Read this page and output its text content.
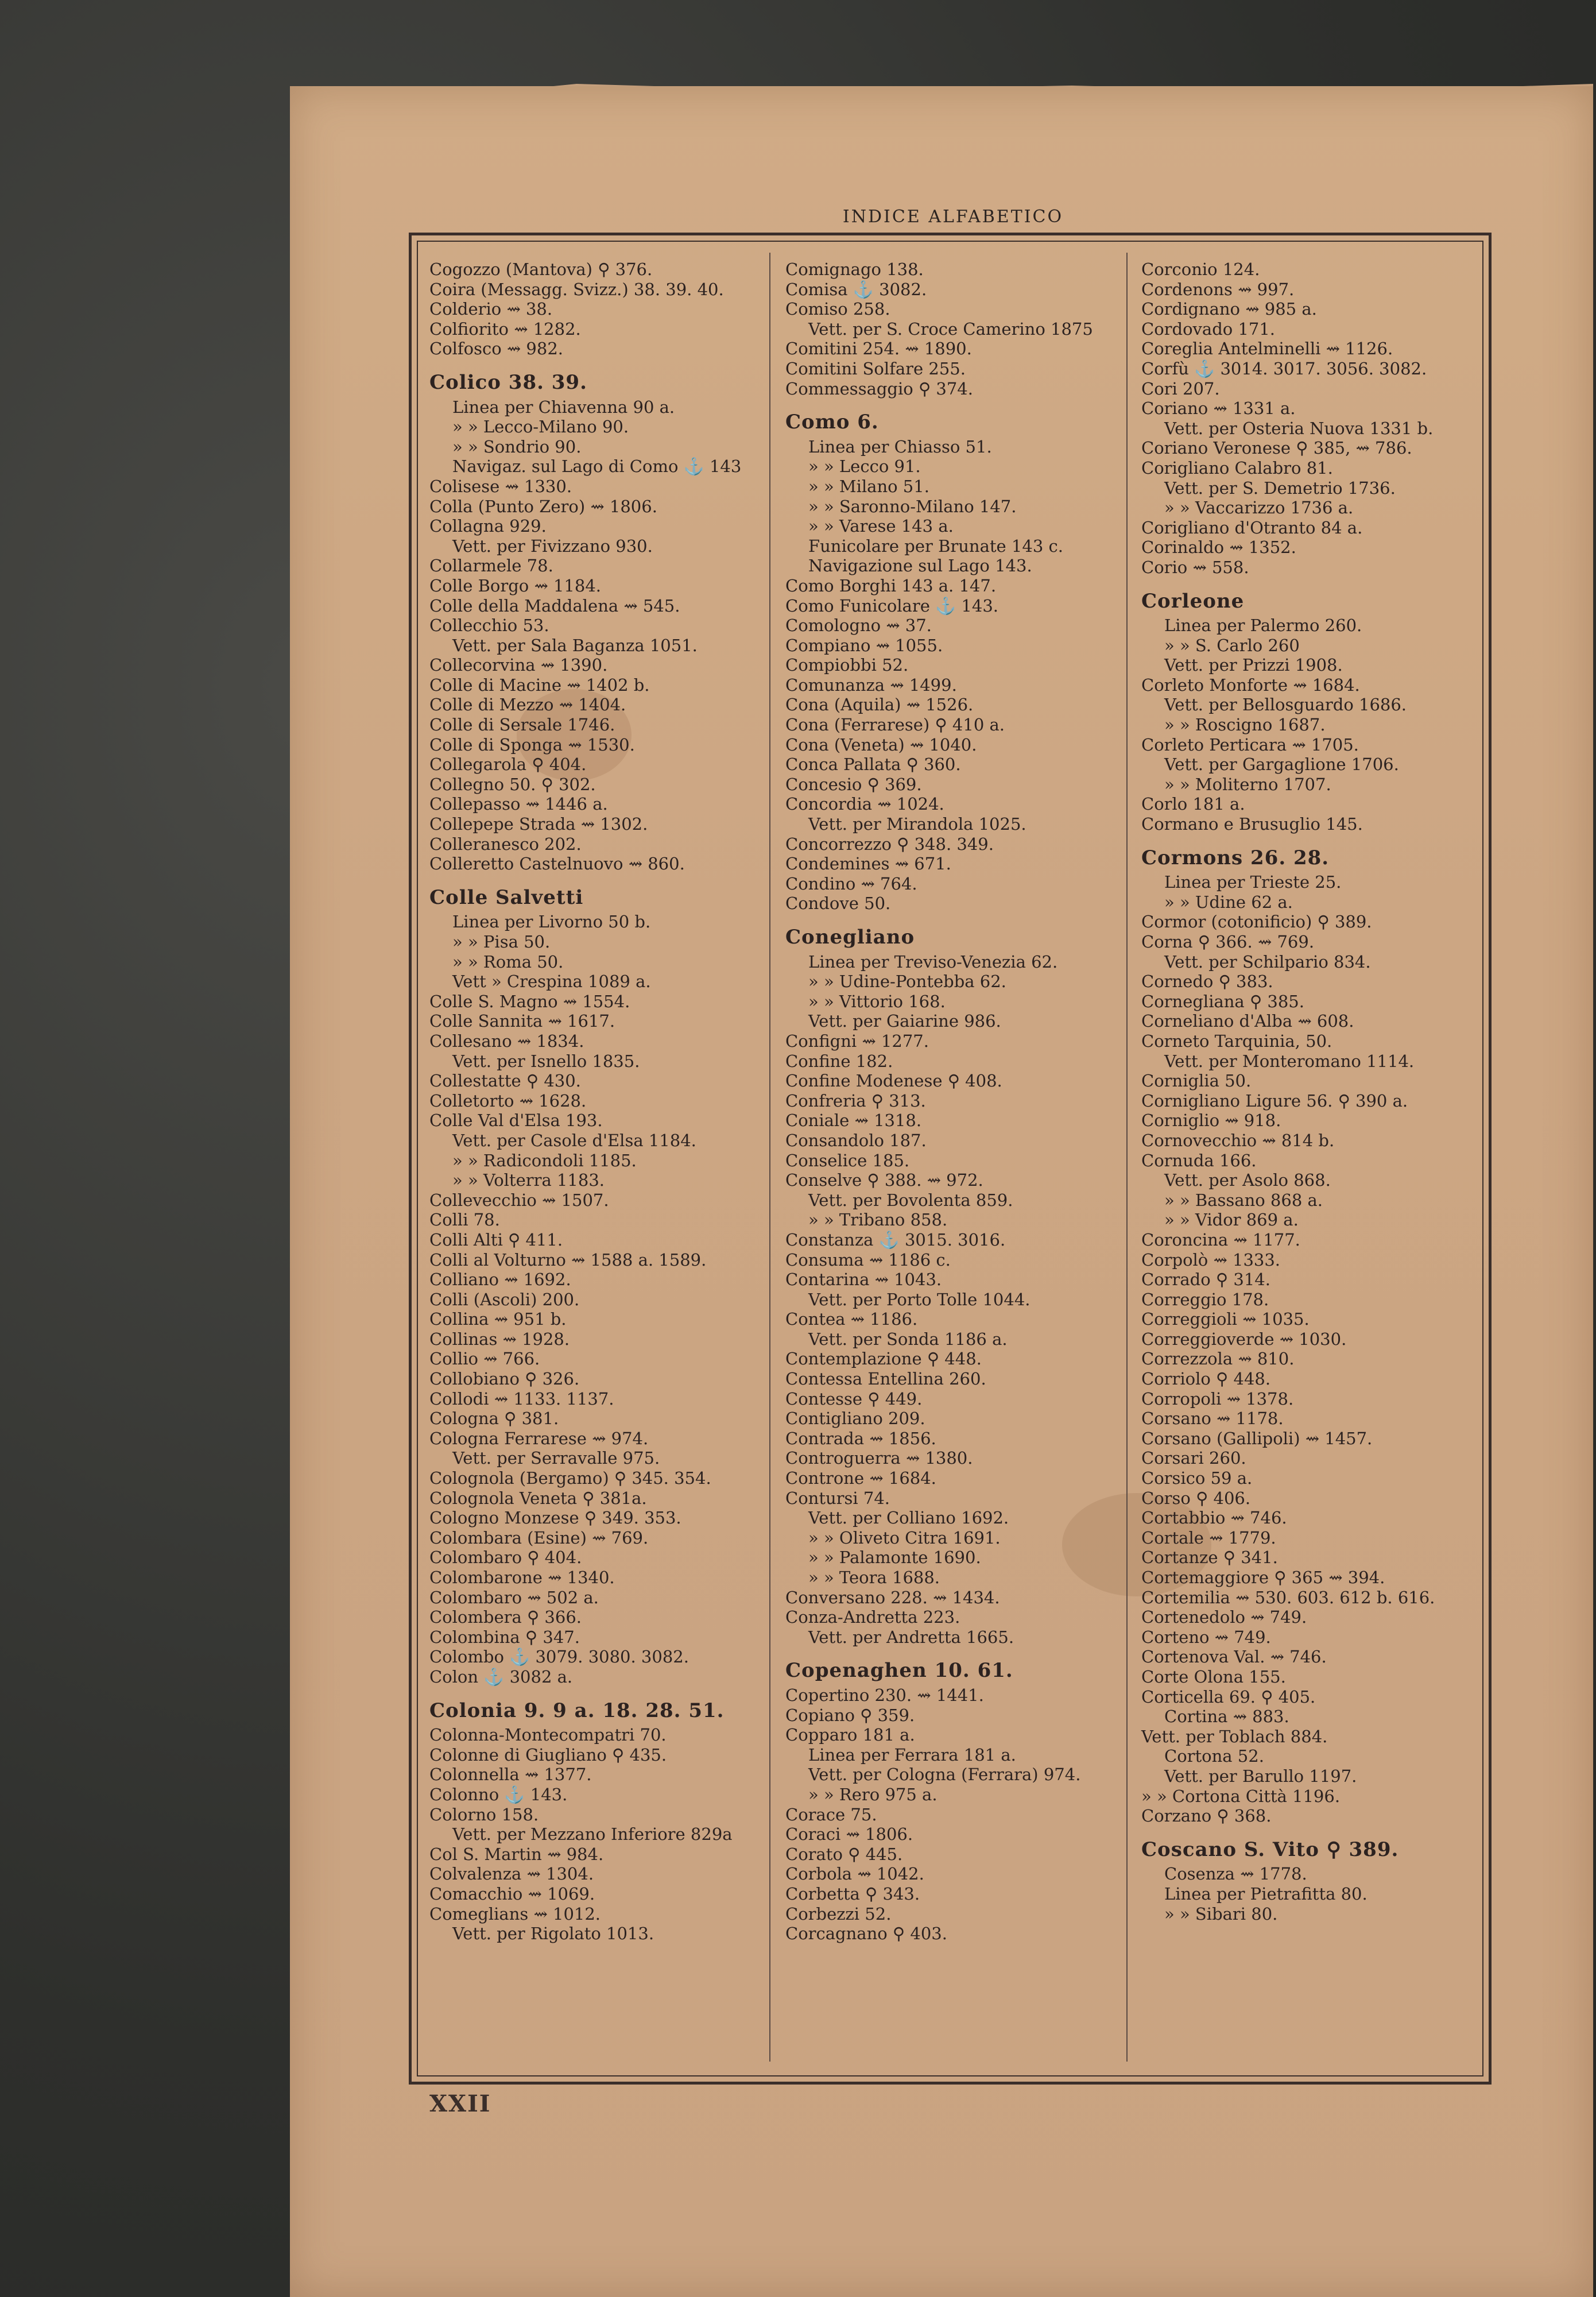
INDICE ALFABETICO
Cogozzo (Mantova) ⚲ 376.
Coira (Messagg. Svizz.) 38. 39. 40.
Colderio ⇝ 38.
Colfiorito ⇝ 1282.
Colfosco ⇝ 982.
Colico 38. 39.
Linea per Chiavenna 90 a.
» » Lecco-Milano 90.
» » Sondrio 90.
Navigaz. sul Lago di Como ⚓ 143
Colisese ⇝ 1330.
Colla (Punto Zero) ⇝ 1806.
Collagna 929.
Vett. per Fivizzano 930.
Collarmele 78.
Colle Borgo ⇝ 1184.
Colle della Maddalena ⇝ 545.
Collecchio 53.
Vett. per Sala Baganza 1051.
Collecorvina ⇝ 1390.
Colle di Macine ⇝ 1402 b.
Colle di Mezzo ⇝ 1404.
Colle di Sersale 1746.
Colle di Sponga ⇝ 1530.
Collegarola ⚲ 404.
Collegno 50. ⚲ 302.
Collepasso ⇝ 1446 a.
Collepepe Strada ⇝ 1302.
Colleranesco 202.
Colleretto Castelnuovo ⇝ 860.
Colle Salvetti
Linea per Livorno 50 b.
» » Pisa 50.
» » Roma 50.
Vett » Crespina 1089 a.
Colle S. Magno ⇝ 1554.
Colle Sannita ⇝ 1617.
Collesano ⇝ 1834.
Vett. per Isnello 1835.
Collestatte ⚲ 430.
Colletorto ⇝ 1628.
Colle Val d'Elsa 193.
Vett. per Casole d'Elsa 1184.
» » Radicondoli 1185.
» » Volterra 1183.
Collevecchio ⇝ 1507.
Colli 78.
Colli Alti ⚲ 411.
Colli al Volturno ⇝ 1588 a. 1589.
Colliano ⇝ 1692.
Colli (Ascoli) 200.
Collina ⇝ 951 b.
Collinas ⇝ 1928.
Collio ⇝ 766.
Collobiano ⚲ 326.
Collodi ⇝ 1133. 1137.
Cologna ⚲ 381.
Cologna Ferrarese ⇝ 974.
Vett. per Serravalle 975.
Colognola (Bergamo) ⚲ 345. 354.
Colognola Veneta ⚲ 381a.
Cologno Monzese ⚲ 349. 353.
Colombara (Esine) ⇝ 769.
Colombaro ⚲ 404.
Colombarone ⇝ 1340.
Colombaro ⇝ 502 a.
Colombera ⚲ 366.
Colombina ⚲ 347.
Colombo ⚓ 3079. 3080. 3082.
Colon ⚓ 3082 a.
Colonia 9. 9 a. 18. 28. 51.
Colonna-Montecompatri 70.
Colonne di Giugliano ⚲ 435.
Colonnella ⇝ 1377.
Colonno ⚓ 143.
Colorno 158.
Vett. per Mezzano Inferiore 829a
Col S. Martin ⇝ 984.
Colvalenza ⇝ 1304.
Comacchio ⇝ 1069.
Comeglians ⇝ 1012.
Vett. per Rigolato 1013.
Comignago 138.
Comisa ⚓ 3082.
Comiso 258.
Vett. per S. Croce Camerino 1875
Comitini 254. ⇝ 1890.
Comitini Solfare 255.
Commessaggio ⚲ 374.
Como 6.
Linea per Chiasso 51.
» » Lecco 91.
» » Milano 51.
» » Saronno-Milano 147.
» » Varese 143 a.
Funicolare per Brunate 143 c.
Navigazione sul Lago 143.
Como Borghi 143 a. 147.
Como Funicolare ⚓ 143.
Comologno ⇝ 37.
Compiano ⇝ 1055.
Compiobbi 52.
Comunanza ⇝ 1499.
Cona (Aquila) ⇝ 1526.
Cona (Ferrarese) ⚲ 410 a.
Cona (Veneta) ⇝ 1040.
Conca Pallata ⚲ 360.
Concesio ⚲ 369.
Concordia ⇝ 1024.
Vett. per Mirandola 1025.
Concorrezzo ⚲ 348. 349.
Condemines ⇝ 671.
Condino ⇝ 764.
Condove 50.
Conegliano
Linea per Treviso-Venezia 62.
» » Udine-Pontebba 62.
» » Vittorio 168.
Vett. per Gaiarine 986.
Configni ⇝ 1277.
Confine 182.
Confine Modenese ⚲ 408.
Confreria ⚲ 313.
Coniale ⇝ 1318.
Consandolo 187.
Conselice 185.
Conselve ⚲ 388. ⇝ 972.
Vett. per Bovolenta 859.
» » Tribano 858.
Constanza ⚓ 3015. 3016.
Consuma ⇝ 1186 c.
Contarina ⇝ 1043.
Vett. per Porto Tolle 1044.
Contea ⇝ 1186.
Vett. per Sonda 1186 a.
Contemplazione ⚲ 448.
Contessa Entellina 260.
Contesse ⚲ 449.
Contigliano 209.
Contrada ⇝ 1856.
Controguerra ⇝ 1380.
Controne ⇝ 1684.
Contursi 74.
Vett. per Colliano 1692.
» » Oliveto Citra 1691.
» » Palamonte 1690.
» » Teora 1688.
Conversano 228. ⇝ 1434.
Conza-Andretta 223.
Vett. per Andretta 1665.
Copenaghen 10. 61.
Copertino 230. ⇝ 1441.
Copiano ⚲ 359.
Copparo 181 a.
Linea per Ferrara 181 a.
Vett. per Cologna (Ferrara) 974.
» » Rero 975 a.
Corace 75.
Coraci ⇝ 1806.
Corato ⚲ 445.
Corbola ⇝ 1042.
Corbetta ⚲ 343.
Corbezzi 52.
Corcagnano ⚲ 403.
Corconio 124.
Cordenons ⇝ 997.
Cordignano ⇝ 985 a.
Cordovado 171.
Coreglia Antelminelli ⇝ 1126.
Corfù ⚓ 3014. 3017. 3056. 3082.
Cori 207.
Coriano ⇝ 1331 a.
Vett. per Osteria Nuova 1331 b.
Coriano Veronese ⚲ 385, ⇝ 786.
Corigliano Calabro 81.
Vett. per S. Demetrio 1736.
» » Vaccarizzo 1736 a.
Corigliano d'Otranto 84 a.
Corinaldo ⇝ 1352.
Corio ⇝ 558.
Corleone
Linea per Palermo 260.
» » S. Carlo 260
Vett. per Prizzi 1908.
Corleto Monforte ⇝ 1684.
Vett. per Bellosguardo 1686.
» » Roscigno 1687.
Corleto Perticara ⇝ 1705.
Vett. per Gargaglione 1706.
» » Moliterno 1707.
Corlo 181 a.
Cormano e Brusuglio 145.
Cormons 26. 28.
Linea per Trieste 25.
» » Udine 62 a.
Cormor (cotonificio) ⚲ 389.
Corna ⚲ 366. ⇝ 769.
Vett. per Schilpario 834.
Cornedo ⚲ 383.
Cornegliana ⚲ 385.
Corneliano d'Alba ⇝ 608.
Corneto Tarquinia, 50.
Vett. per Monteromano 1114.
Corniglia 50.
Cornigliano Ligure 56. ⚲ 390 a.
Corniglio ⇝ 918.
Cornovecchio ⇝ 814 b.
Cornuda 166.
Vett. per Asolo 868.
» » Bassano 868 a.
» » Vidor 869 a.
Coroncina ⇝ 1177.
Corpolò ⇝ 1333.
Corrado ⚲ 314.
Correggio 178.
Correggioli ⇝ 1035.
Correggioverde ⇝ 1030.
Correzzola ⇝ 810.
Corriolo ⚲ 448.
Corropoli ⇝ 1378.
Corsano ⇝ 1178.
Corsano (Gallipoli) ⇝ 1457.
Corsari 260.
Corsico 59 a.
Corso ⚲ 406.
Cortabbio ⇝ 746.
Cortale ⇝ 1779.
Cortanze ⚲ 341.
Cortemaggiore ⚲ 365 ⇝ 394.
Cortemilia ⇝ 530. 603. 612 b. 616.
Cortenedolo ⇝ 749.
Corteno ⇝ 749.
Cortenova Val. ⇝ 746.
Corte Olona 155.
Corticella 69. ⚲ 405.
Cortina ⇝ 883.
Vett. per Toblach 884.
Cortona 52.
Vett. per Barullo 1197.
» » Cortona Città 1196.
Corzano ⚲ 368.
Coscano S. Vito ⚲ 389.
Cosenza ⇝ 1778.
Linea per Pietrafitta 80.
» » Sibari 80.
XXII
